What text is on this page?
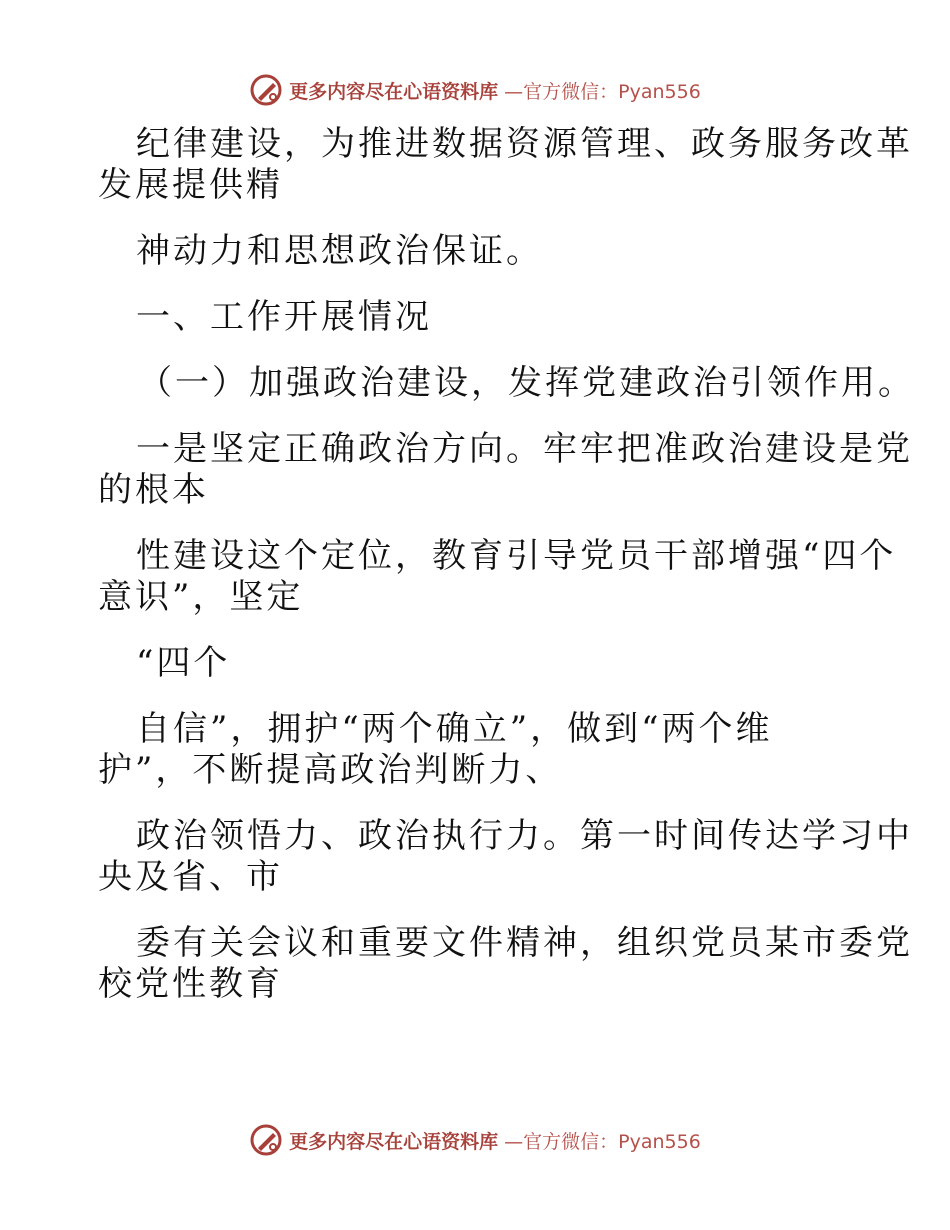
更多内容尽在心语资料库 —官方微信：Pyan556
纪律建设，为推进数据资源管理、政务服务改革
发展提供精
神动力和思想政治保证。
一、工作开展情况
（一）加强政治建设，发挥党建政治引领作用。
一是坚定正确政治方向。牢牢把准政治建设是党
的根本
性建设这个定位，教育引导党员干部增强“四个
意识”，坚定
“四个
自信”，拥护“两个确立”，做到“两个维
护”，不断提高政治判断力、
政治领悟力、政治执行力。第一时间传达学习中
央及省、市
委有关会议和重要文件精神，组织党员某市委党
校党性教育
更多内容尽在心语资料库 —官方微信：Pyan556
